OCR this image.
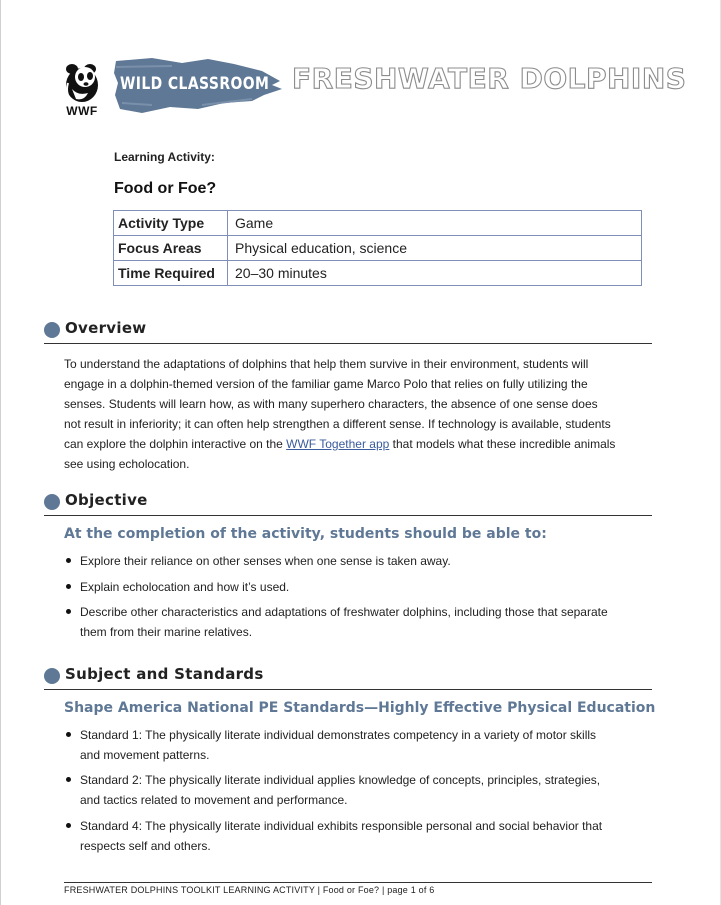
WWF
WILD CLASSROOM FRESHWATER DOLPHINS
Learning Activity:
Food or Foe?
Activity Type	Game
Focus Areas	Physical education, science
Time Required	20–30 minutes
Overview
To understand the adaptations of dolphins that help them survive in their environment, students will
engage in a dolphin-themed version of the familiar game Marco Polo that relies on fully utilizing the
senses. Students will learn how, as with many superhero characters, the absence of one sense does
not result in inferiority; it can often help strengthen a different sense. If technology is available, students
can explore the dolphin interactive on the WWF Together app that models what these incredible animals
see using echolocation.
Objective
At the completion of the activity, students should be able to:
Explore their reliance on other senses when one sense is taken away.
Explain echolocation and how it’s used.
Describe other characteristics and adaptations of freshwater dolphins, including those that separate
them from their marine relatives.
Subject and Standards
Shape America National PE Standards—Highly Effective Physical Education
Standard 1: The physically literate individual demonstrates competency in a variety of motor skills
and movement patterns.
Standard 2: The physically literate individual applies knowledge of concepts, principles, strategies,
and tactics related to movement and performance.
Standard 4: The physically literate individual exhibits responsible personal and social behavior that
respects self and others.
FRESHWATER DOLPHINS TOOLKIT LEARNING ACTIVITY | Food or Foe? | page 1 of 6
